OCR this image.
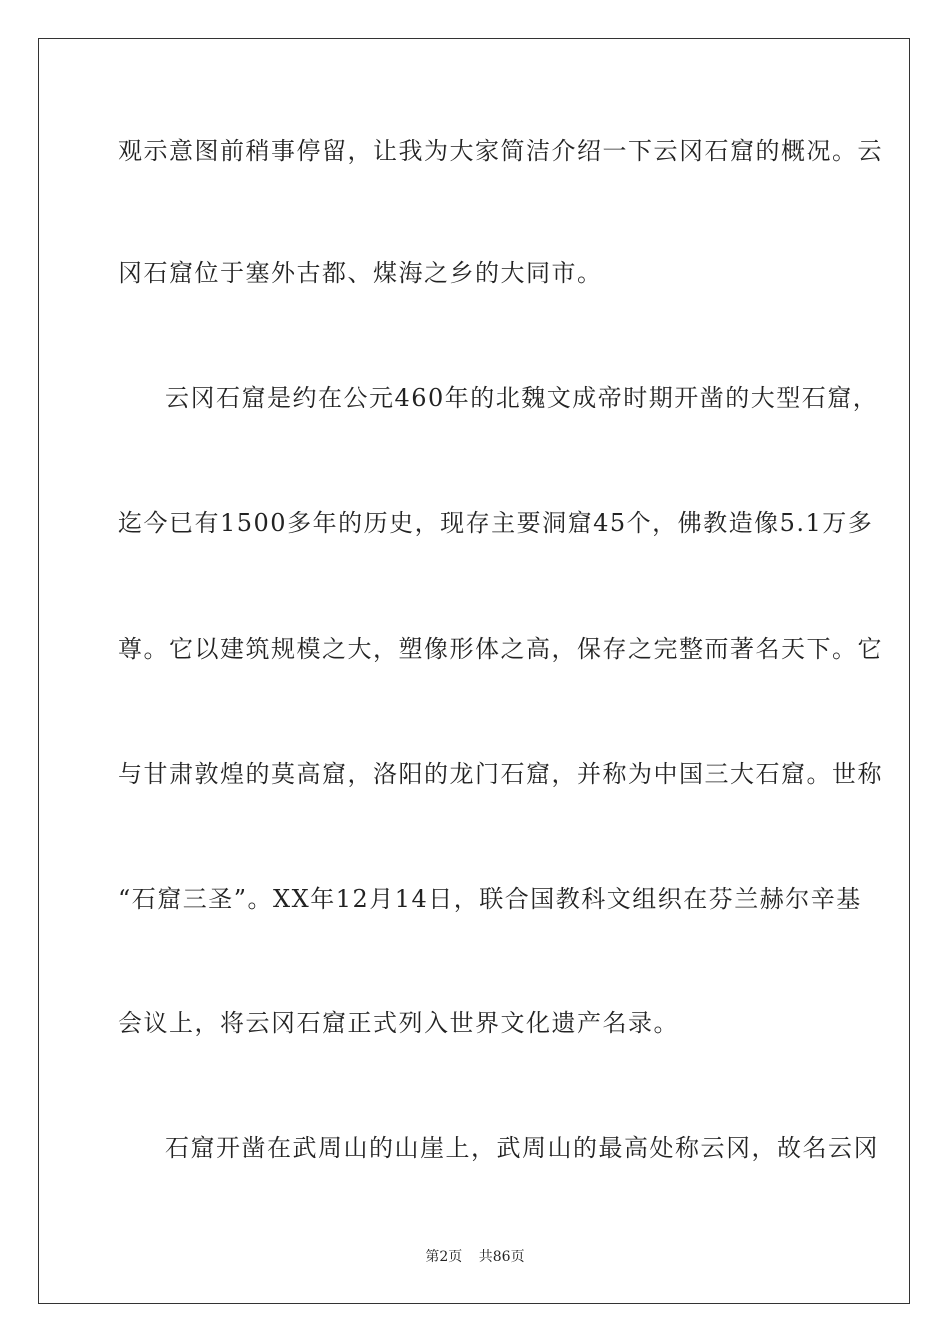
观示意图前稍事停留，让我为大家简洁介绍一下云冈石窟的概况。云
冈石窟位于塞外古都、煤海之乡的大同市。
云冈石窟是约在公元460年的北魏文成帝时期开凿的大型石窟，
迄今已有1500多年的历史，现存主要洞窟45个，佛教造像5.1万多
尊。它以建筑规模之大，塑像形体之高，保存之完整而著名天下。它
与甘肃敦煌的莫高窟，洛阳的龙门石窟，并称为中国三大石窟。世称
“石窟三圣”。XX年12月14日，联合国教科文组织在芬兰赫尔辛基
会议上，将云冈石窟正式列入世界文化遗产名录。
石窟开凿在武周山的山崖上，武周山的最高处称云冈，故名云冈
第2页 共86页
